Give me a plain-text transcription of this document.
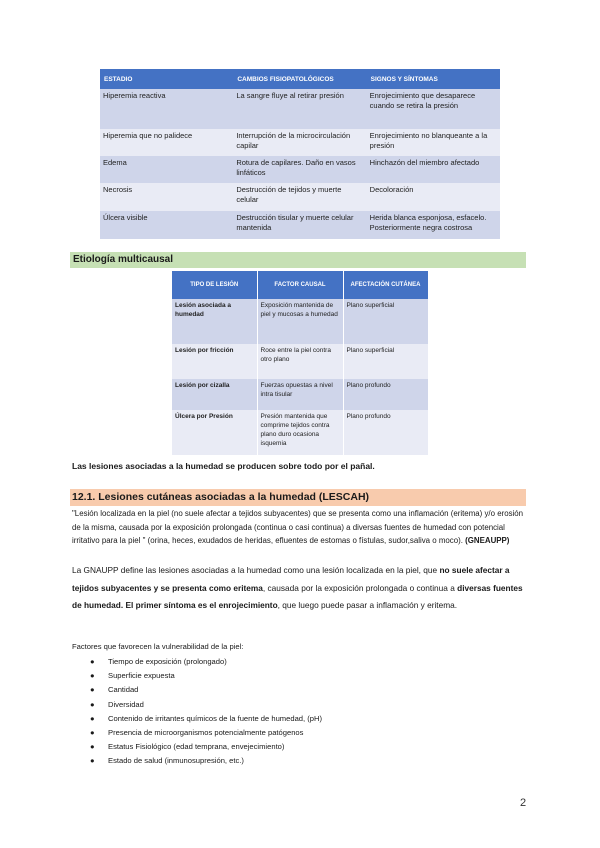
ESTADIO	CAMBIOS FISIOPATOLÓGICOS	SIGNOS Y SÍNTOMAS
Hiperemia reactiva	La sangre fluye al retirar presión	Enrojecimiento que desaparece cuando se retira la presión
Hiperemia que no palidece	Interrupción de la microcirculación capilar	Enrojecimiento no blanqueante a la presión
Edema	Rotura de capilares. Daño en vasos linfáticos	Hinchazón del miembro afectado
Necrosis	Destrucción de tejidos y muerte celular	Decoloración
Úlcera visible	Destrucción tisular y muerte celular mantenida	Herida blanca esponjosa, esfacelo. Posteriormente negra costrosa
Etiología multicausal
TIPO DE LESIÓN	FACTOR CAUSAL	AFECTACIÓN CUTÁNEA
Lesión asociada a humedad	Exposición mantenida de piel y mucosas a humedad	Plano superficial
Lesión por fricción	Roce entre la piel contra otro plano	Plano superficial
Lesión por cizalla	Fuerzas opuestas a nivel intra tisular	Plano profundo
Úlcera por Presión	Presión mantenida que comprime tejidos contra plano duro ocasiona isquemia	Plano profundo
Las lesiones asociadas a la humedad se producen sobre todo por el pañal.
12.1. Lesiones cutáneas asociadas a la humedad (LESCAH)
"Lesión localizada en la piel (no suele afectar a tejidos subyacentes) que se presenta como una inflamación (eritema) y/o erosión de la misma, causada por la exposición prolongada (continua o casi continua) a diversas fuentes de humedad con potencial irritativo para la piel " (orina, heces, exudados de heridas, efluentes de estomas o fístulas, sudor,saliva o moco). (GNEAUPP)
La GNAUPP define las lesiones asociadas a la humedad como una lesión localizada en la piel, que no suele afectar a tejidos subyacentes y se presenta como eritema, causada por la exposición prolongada o continua a diversas fuentes de humedad. El primer síntoma es el enrojecimiento, que luego puede pasar a inflamación y eritema.
Factores que favorecen la vulnerabilidad de la piel:
● Tiempo de exposición (prolongado)
● Superficie expuesta
● Cantidad
● Diversidad
● Contenido de irritantes químicos de la fuente de humedad, (pH)
● Presencia de microorganismos potencialmente patógenos
● Estatus Fisiológico (edad temprana, envejecimiento)
● Estado de salud (inmunosupresión, etc.)
2
